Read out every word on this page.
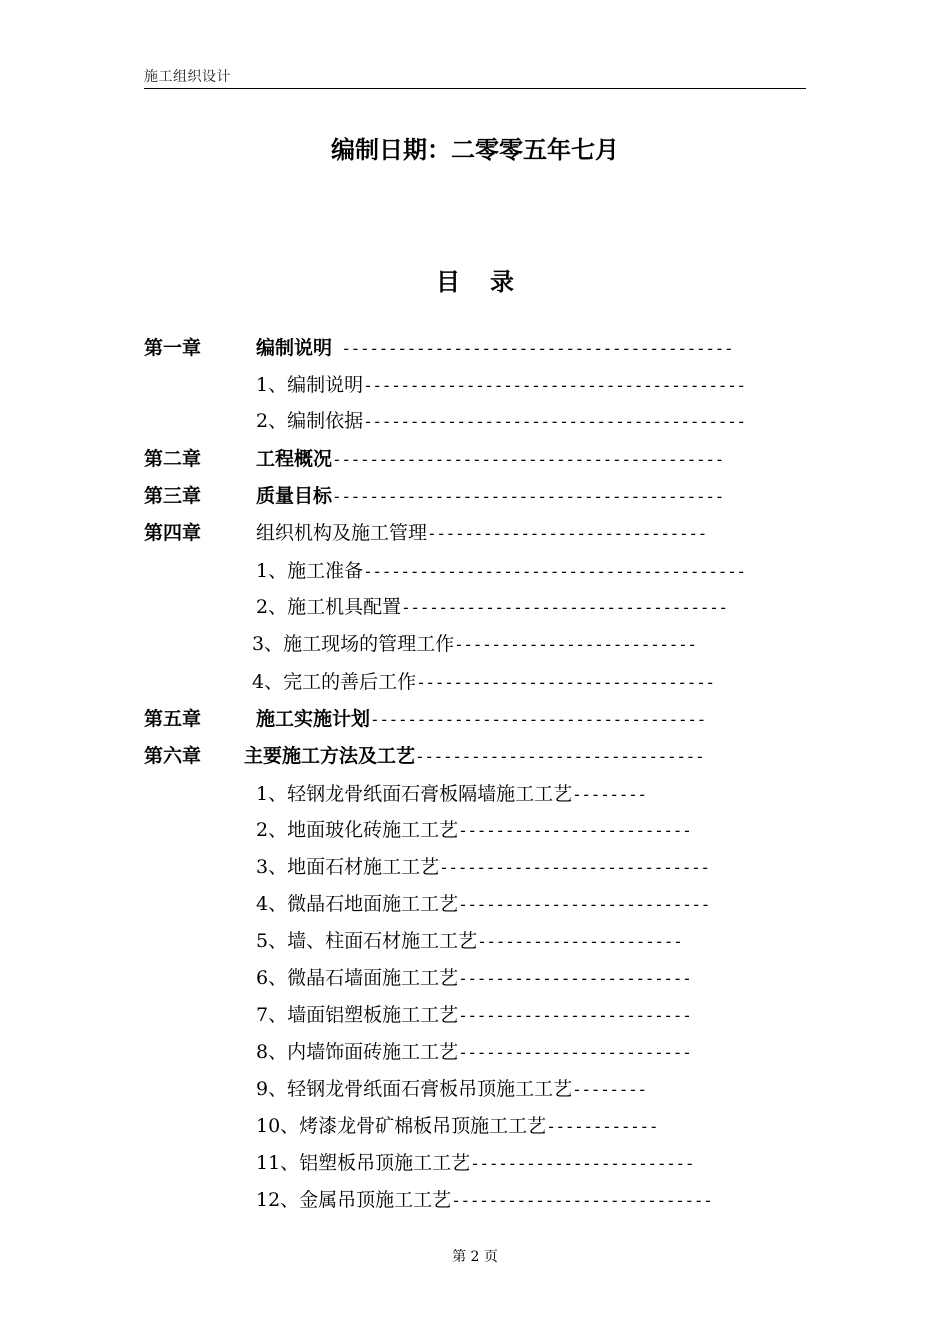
施工组织设计
编制日期：二零零五年七月
目 录
第一章	编制说明 ------------------------------------------
1、编制说明-----------------------------------------
2、编制依据-----------------------------------------
第二章	工程概况------------------------------------------
第三章	质量目标------------------------------------------
第四章	组织机构及施工管理------------------------------
1、施工准备-----------------------------------------
2、施工机具配置-----------------------------------
3、施工现场的管理工作--------------------------
4、完工的善后工作--------------------------------
第五章	施工实施计划------------------------------------
第六章 主要施工方法及工艺-------------------------------
1、轻钢龙骨纸面石膏板隔墙施工工艺--------
2、地面玻化砖施工工艺-------------------------
3、地面石材施工工艺-----------------------------
4、微晶石地面施工工艺---------------------------
5、墙、柱面石材施工工艺----------------------
6、微晶石墙面施工工艺-------------------------
7、墙面铝塑板施工工艺-------------------------
8、内墙饰面砖施工工艺-------------------------
9、轻钢龙骨纸面石膏板吊顶施工工艺--------
10、烤漆龙骨矿棉板吊顶施工工艺------------
11、铝塑板吊顶施工工艺------------------------
12、金属吊顶施工工艺----------------------------
第 2 页
